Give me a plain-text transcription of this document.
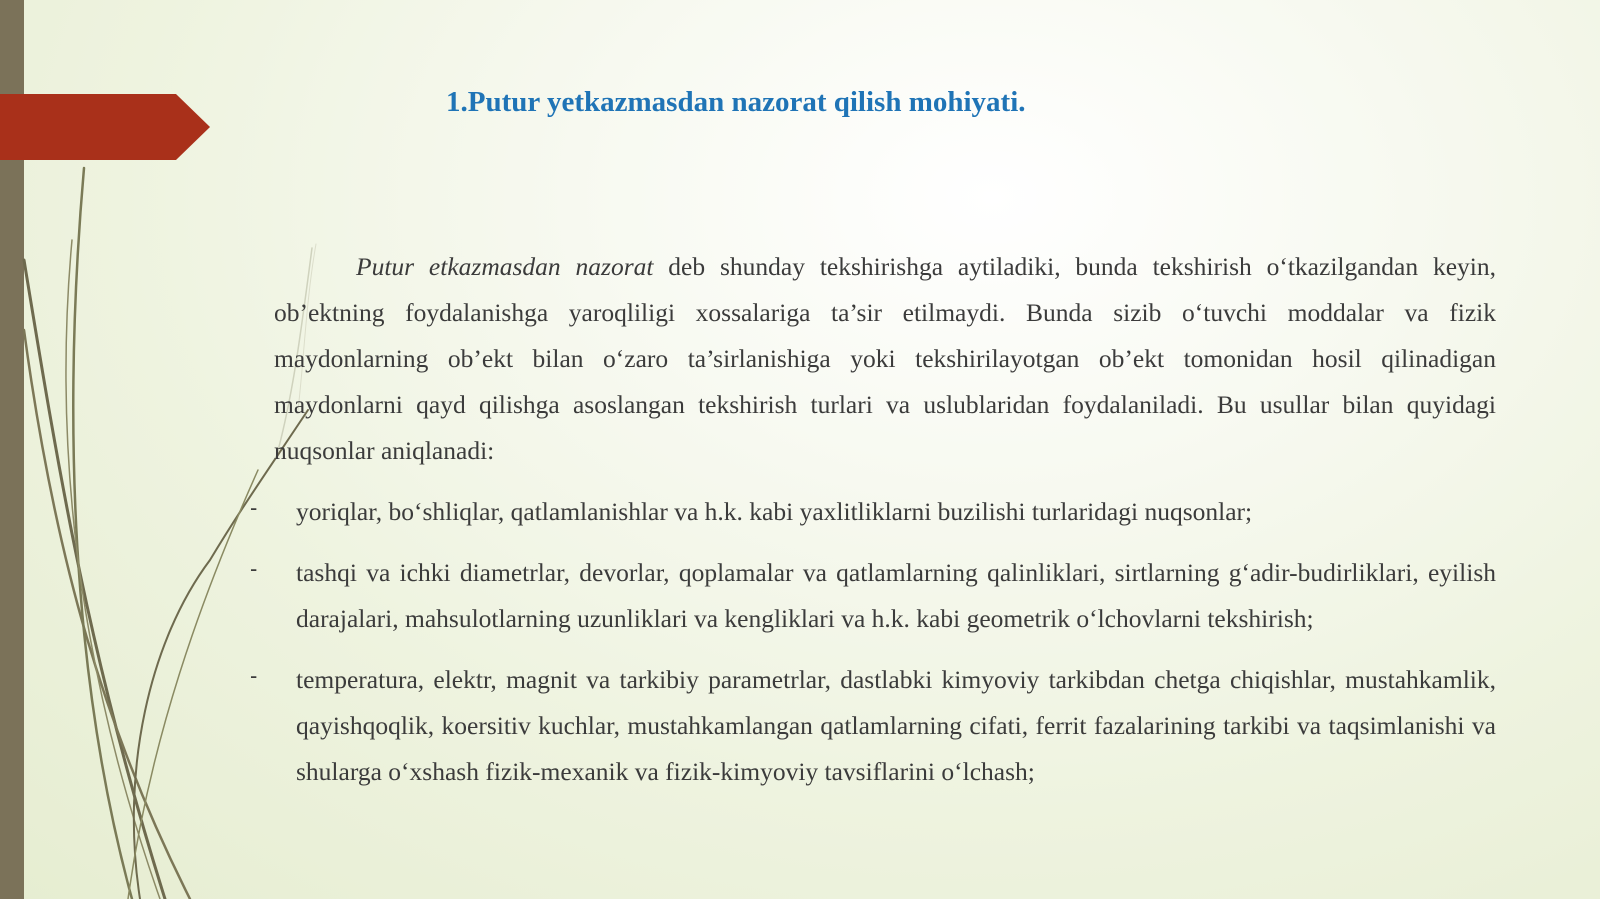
1.Putur yetkazmasdan nazorat qilish mohiyati.

Putur etkazmasdan nazorat deb shunday tekshirishga aytiladiki, bunda tekshirish o‘tkazilgandan keyin, ob’ektning foydalanishga yaroqliligi xossalariga ta’sir etilmaydi. Bunda sizib o‘tuvchi moddalar va fizik maydonlarning ob’ekt bilan o‘zaro ta’sirlanishiga yoki tekshirilayotgan ob’ekt tomonidan hosil qilinadigan maydonlarni qayd qilishga asoslangan tekshirish turlari va uslublaridan foydalaniladi. Bu usullar bilan quyidagi nuqsonlar aniqlanadi:

- yoriqlar, bo‘shliqlar, qatlamlanishlar va h.k. kabi yaxlitliklarni buzilishi turlaridagi nuqsonlar;
- tashqi va ichki diametrlar, devorlar, qoplamalar va qatlamlarning qalinliklari, sirtlarning g‘adir-budirliklari, eyilish darajalari, mahsulotlarning uzunliklari va kengliklari va h.k. kabi geometrik o‘lchovlarni tekshirish;
- temperatura, elektr, magnit va tarkibiy parametrlar, dastlabki kimyoviy tarkibdan chetga chiqishlar, mustahkamlik, qayishqoqlik, koersitiv kuchlar, mustahkamlangan qatlamlarning cifati, ferrit fazalarining tarkibi va taqsimlanishi va shularga o‘xshash fizik-mexanik va fizik-kimyoviy tavsiflarini o‘lchash;
